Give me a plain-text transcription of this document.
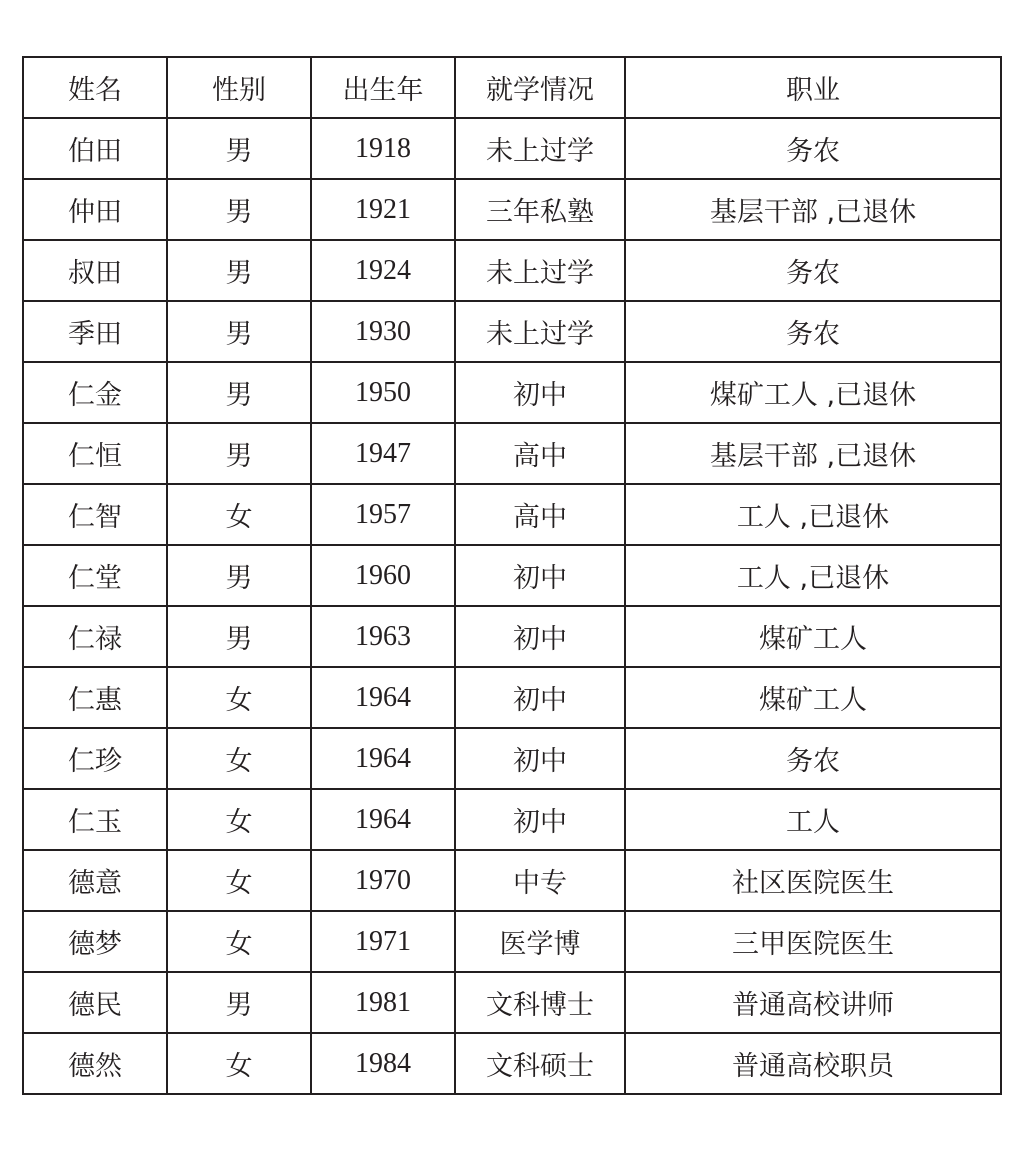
姓名	性别	出生年	就学情况	职业
伯田	男	1918	未上过学	务农
仲田	男	1921	三年私塾	基层干部 ,已退休
叔田	男	1924	未上过学	务农
季田	男	1930	未上过学	务农
仁金	男	1950	初中	煤矿工人 ,已退休
仁恒	男	1947	高中	基层干部 ,已退休
仁智	女	1957	高中	工人 ,已退休
仁堂	男	1960	初中	工人 ,已退休
仁禄	男	1963	初中	煤矿工人
仁惠	女	1964	初中	煤矿工人
仁珍	女	1964	初中	务农
仁玉	女	1964	初中	工人
德意	女	1970	中专	社区医院医生
德梦	女	1971	医学博	三甲医院医生
德民	男	1981	文科博士	普通高校讲师
德然	女	1984	文科硕士	普通高校职员
